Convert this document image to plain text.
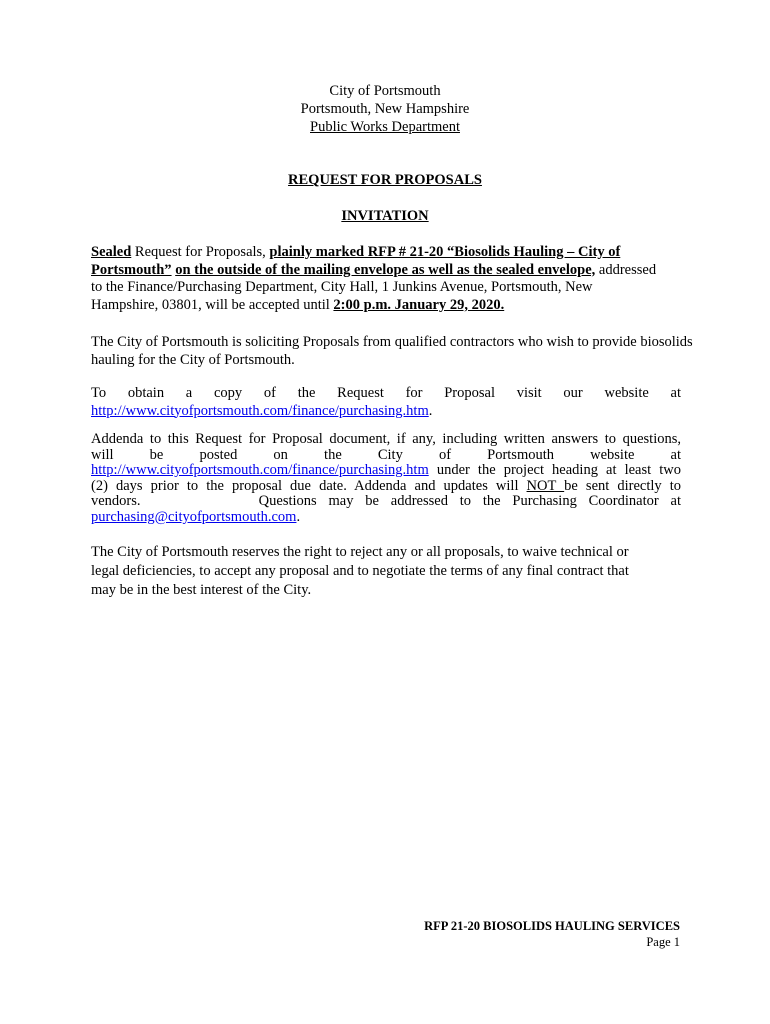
City of Portsmouth
Portsmouth, New Hampshire
Public Works Department
REQUEST FOR PROPOSALS
INVITATION
Sealed Request for Proposals, plainly marked RFP # 21-20 “Biosolids Hauling – City of
Portsmouth” on the outside of the mailing envelope as well as the sealed envelope, addressed
to the Finance/Purchasing Department, City Hall, 1 Junkins Avenue, Portsmouth, New
Hampshire, 03801, will be accepted until 2:00 p.m. January 29, 2020.
The City of Portsmouth is soliciting Proposals from qualified contractors who wish to provide biosolids
hauling for the City of Portsmouth.
To obtain a copy of the Request for Proposal visit our website at
http://www.cityofportsmouth.com/finance/purchasing.htm.
Addenda to this Request for Proposal document, if any, including written answers to questions,
will be posted on the City of Portsmouth website at
http://www.cityofportsmouth.com/finance/purchasing.htm under the project heading at least two
(2) days prior to the proposal due date. Addenda and updates will NOT be sent directly to
vendors.          Questions may be addressed to the Purchasing Coordinator at
purchasing@cityofportsmouth.com.
The City of Portsmouth reserves the right to reject any or all proposals, to waive technical or
legal deficiencies, to accept any proposal and to negotiate the terms of any final contract that
may be in the best interest of the City.
RFP 21-20 BIOSOLIDS HAULING SERVICES
Page 1
